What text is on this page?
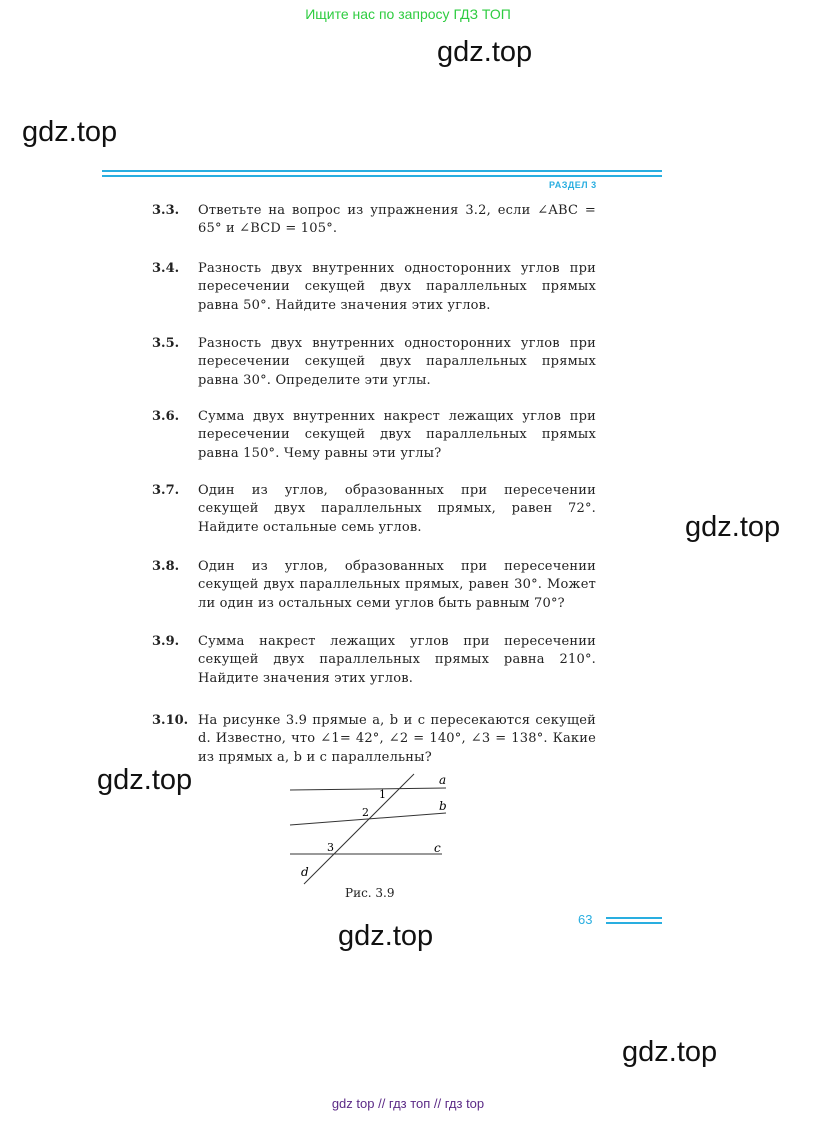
Ищите нас по запросу ГДЗ ТОП
gdz.top
gdz.top
gdz.top
gdz.top
gdz.top
gdz.top
РАЗДЕЛ 3
3.3. Ответьте на вопрос из упражнения 3.2, если ∠ABC = 65° и ∠BCD = 105°.
3.4. Разность двух внутренних односторонних углов при пересечении секущей двух параллельных прямых равна 50°. Найдите значения этих углов.
3.5. Разность двух внутренних односторонних углов при пересечении секущей двух параллельных прямых равна 30°. Определите эти углы.
3.6. Сумма двух внутренних накрест лежащих углов при пересечении секущей двух параллельных прямых равна 150°. Чему равны эти углы?
3.7. Один из углов, образованных при пересечении секущей двух параллельных прямых, равен 72°. Найдите остальные семь углов.
3.8. Один из углов, образованных при пересечении секущей двух параллельных прямых, равен 30°. Может ли один из остальных семи углов быть равным 70°?
3.9. Сумма накрест лежащих углов при пересечении секущей двух параллельных прямых равна 210°. Найдите значения этих углов.
3.10. На рисунке 3.9 прямые a, b и c пересекаются секущей d. Известно, что ∠1= 42°, ∠2 = 140°, ∠3 = 138°. Какие из прямых a, b и c параллельны?
a
b
c
d
1
2
3
Рис. 3.9
63
gdz top // гдз топ // гдз top
